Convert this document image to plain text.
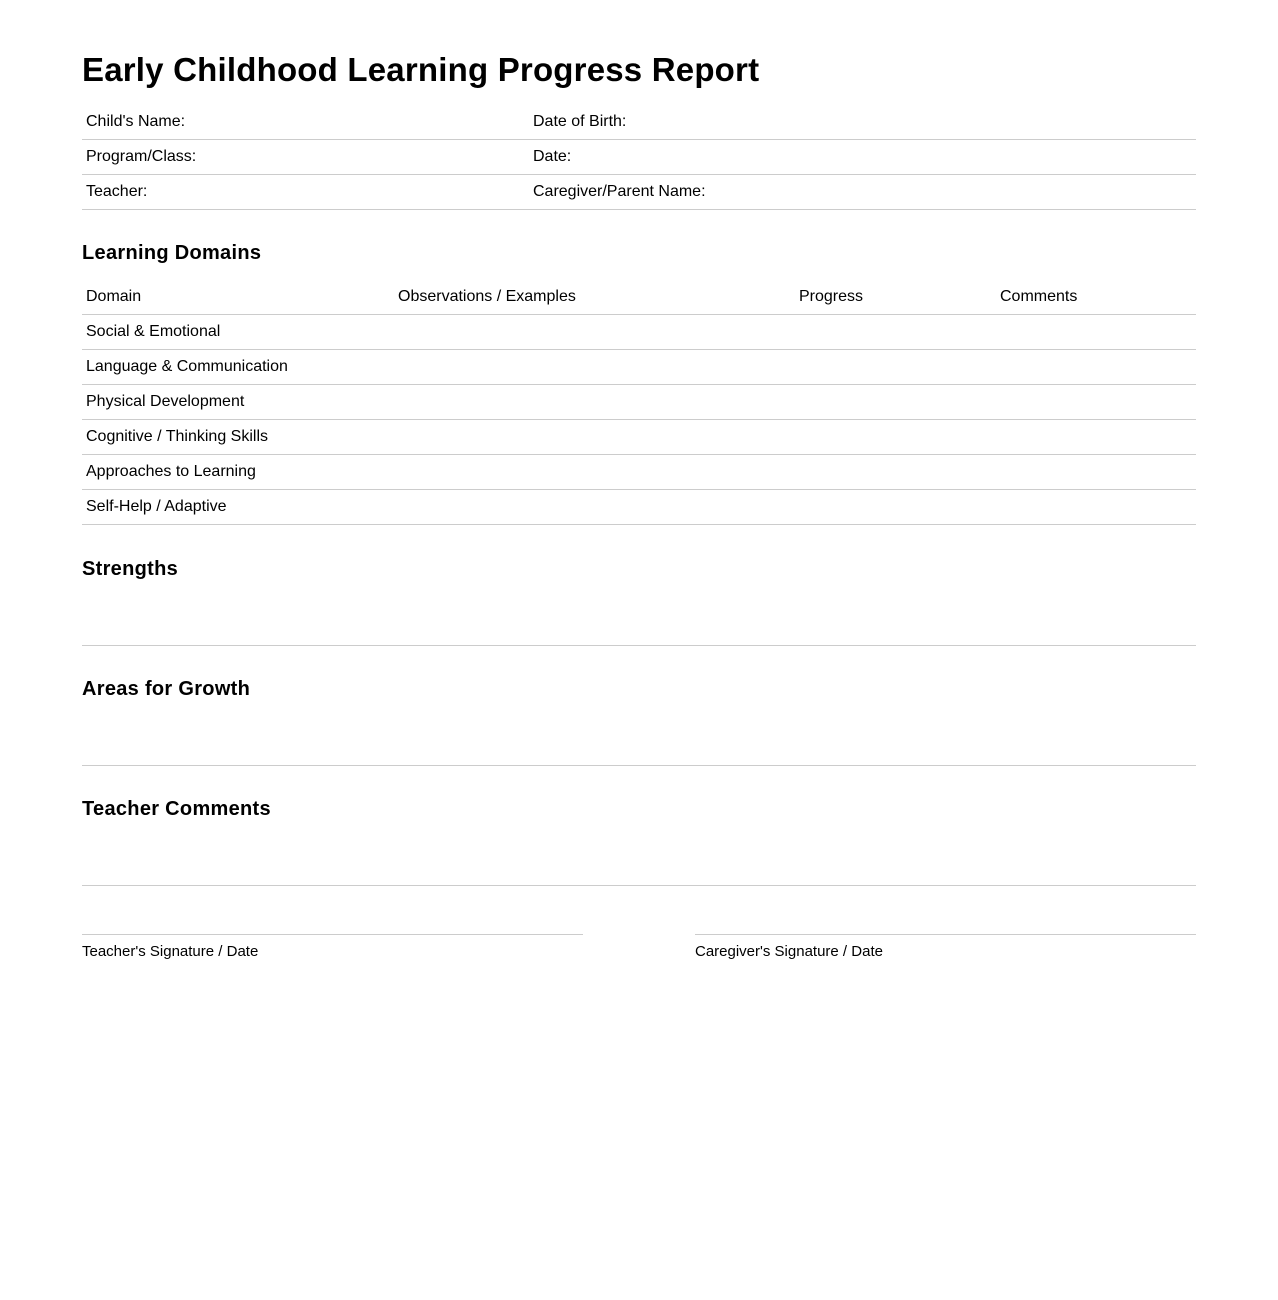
Early Childhood Learning Progress Report
Child's Name:	Date of Birth:
Program/Class:	Date:
Teacher:	Caregiver/Parent Name:
Learning Domains
Domain	Observations / Examples	Progress	Comments
Social & Emotional			
Language & Communication			
Physical Development			
Cognitive / Thinking Skills			
Approaches to Learning			
Self-Help / Adaptive			
Strengths
Areas for Growth
Teacher Comments
Teacher's Signature / Date	Caregiver's Signature / Date
